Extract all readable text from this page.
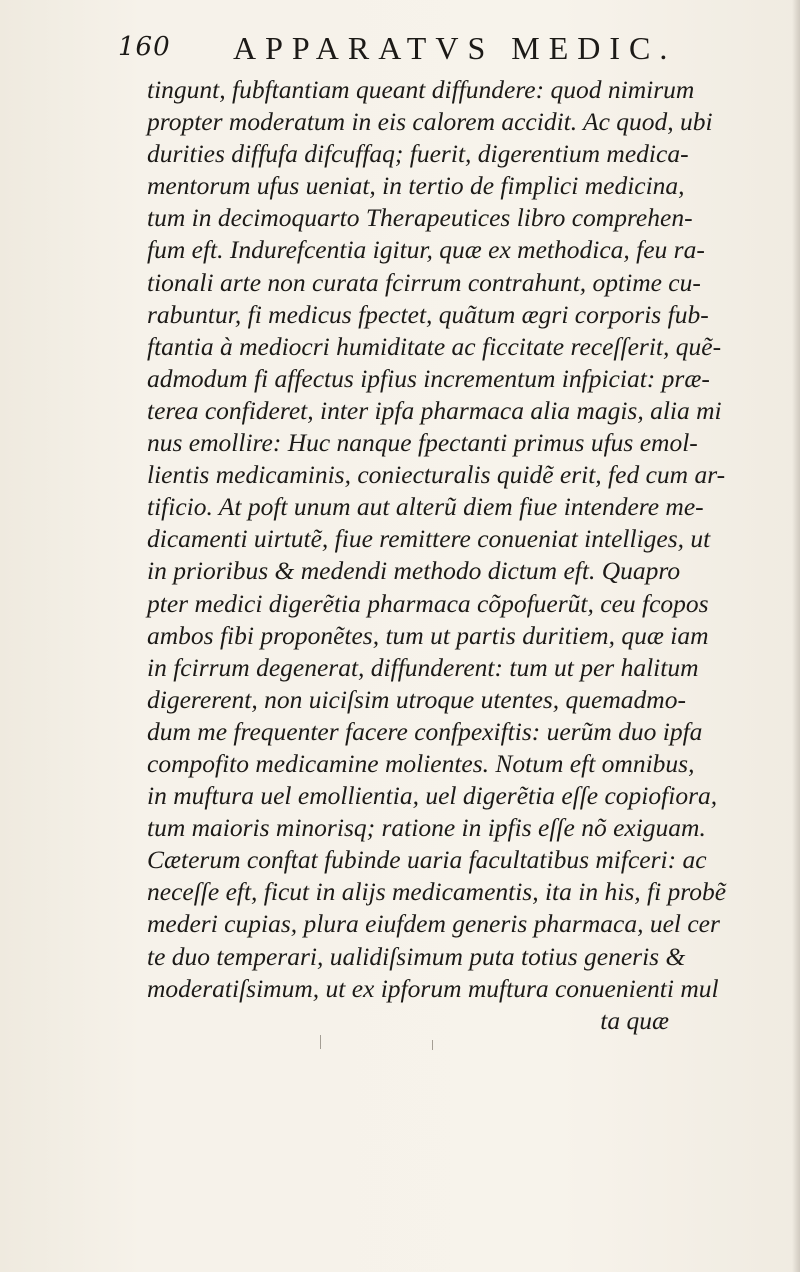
160 APPARATVS MEDIC.
tingunt, fubftantiam queant diffundere: quod nimirum
propter moderatum in eis calorem accidit. Ac quod, ubi
durities diffufa difcuffaq; fuerit, digerentium medica-
mentorum ufus ueniat, in tertio de fimplici medicina,
tum in decimoquarto Therapeutices libro comprehen-
fum eft. Indurefcentia igitur, quæ ex methodica, feu ra-
tionali arte non curata fcirrum contrahunt, optime cu-
rabuntur, fi medicus fpectet, quãtum ægri corporis fub-
ftantia à mediocri humiditate ac ficcitate receſſerit, quẽ-
admodum fi affectus ipfius incrementum infpiciat: præ-
terea confideret, inter ipfa pharmaca alia magis, alia mi
nus emollire: Huc nanque fpectanti primus ufus emol-
lientis medicaminis, coniecturalis quidẽ erit, fed cum ar-
tificio. At poft unum aut alterũ diem fiue intendere me-
dicamenti uirtutẽ, fiue remittere conueniat intelliges, ut
in prioribus & medendi methodo dictum eft. Quapro
pter medici digerẽtia pharmaca cõpofuerũt, ceu fcopos
ambos fibi proponẽtes, tum ut partis duritiem, quæ iam
in fcirrum degenerat, diffunderent: tum ut per halitum
digererent, non uiciſsim utroque utentes, quemadmo-
dum me frequenter facere confpexiftis: uerũm duo ipfa
compofito medicamine molientes. Notum eft omnibus,
in muftura uel emollientia, uel digerẽtia eſſe copiofiora,
tum maioris minorisq; ratione in ipfis eſſe nõ exiguam.
Cæterum conftat fubinde uaria facultatibus mifceri: ac
neceſſe eft, ficut in alijs medicamentis, ita in his, fi probẽ
mederi cupias, plura eiufdem generis pharmaca, uel cer
te duo temperari, ualidiſsimum puta totius generis &
moderatiſsimum, ut ex ipforum muftura conuenienti mul
ta quæ
